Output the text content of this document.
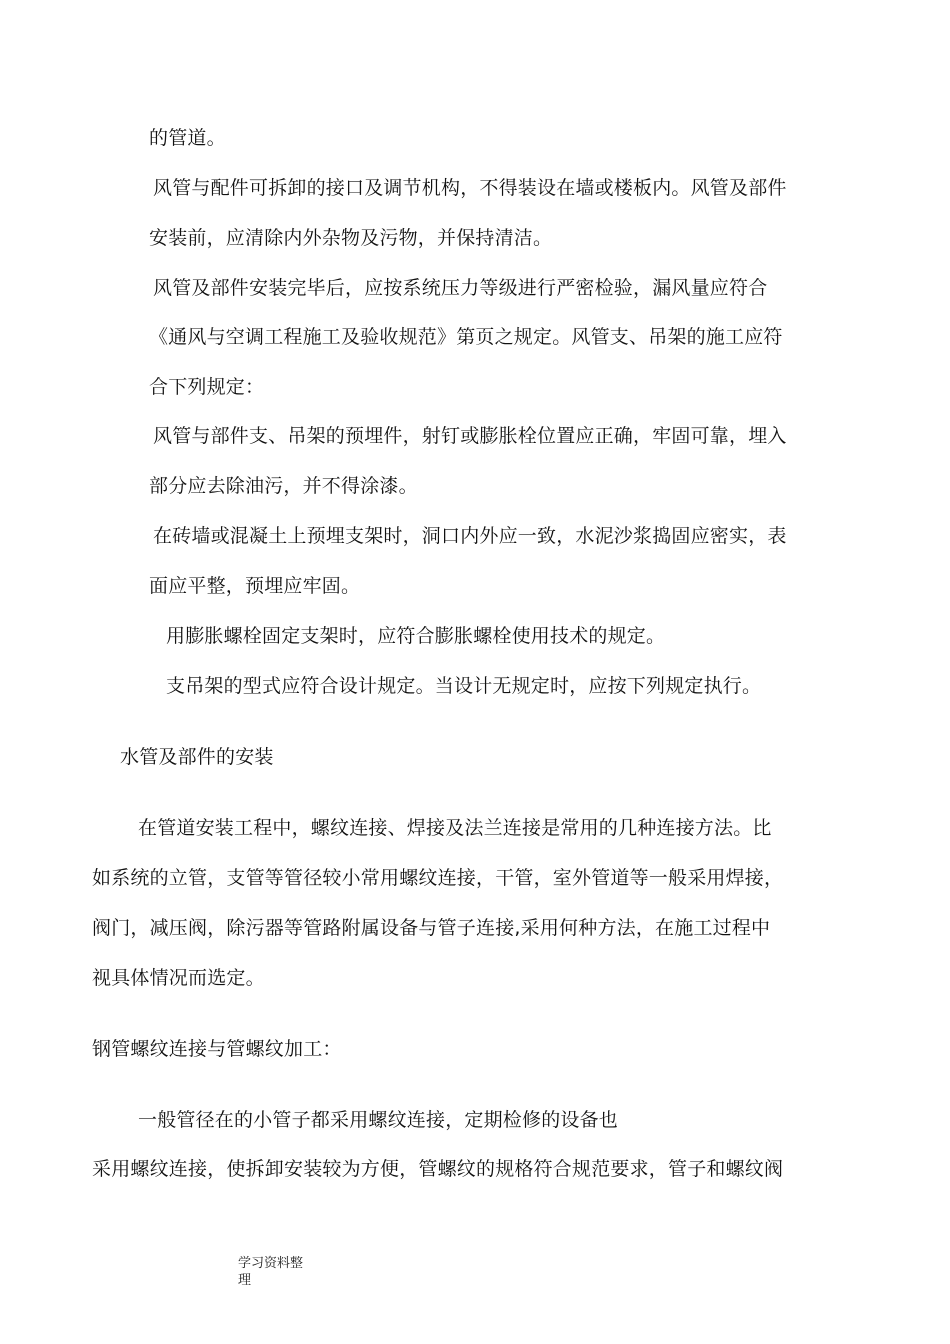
的管道。
风管与配件可拆卸的接口及调节机构，不得装设在墙或楼板内。风管及部件
安装前，应清除内外杂物及污物，并保持清洁。
风管及部件安装完毕后，应按系统压力等级进行严密检验，漏风量应符合
《通风与空调工程施工及验收规范》第页之规定。风管支、吊架的施工应符
合下列规定：
风管与部件支、吊架的预埋件，射钉或膨胀栓位置应正确，牢固可靠，埋入
部分应去除油污，并不得涂漆。
在砖墙或混凝土上预埋支架时，洞口内外应一致，水泥沙浆捣固应密实，表
面应平整，预埋应牢固。
用膨胀螺栓固定支架时，应符合膨胀螺栓使用技术的规定。
支吊架的型式应符合设计规定。当设计无规定时，应按下列规定执行。
水管及部件的安装
在管道安装工程中，螺纹连接、焊接及法兰连接是常用的几种连接方法。比
如系统的立管，支管等管径较小常用螺纹连接，干管，室外管道等一般采用焊接，
阀门，减压阀，除污器等管路附属设备与管子连接,采用何种方法，在施工过程中
视具体情况而选定。
钢管螺纹连接与管螺纹加工：
一般管径在的小管子都采用螺纹连接，定期检修的设备也
采用螺纹连接，使拆卸安装较为方便，管螺纹的规格符合规范要求，管子和螺纹阀
学习资料整
理
